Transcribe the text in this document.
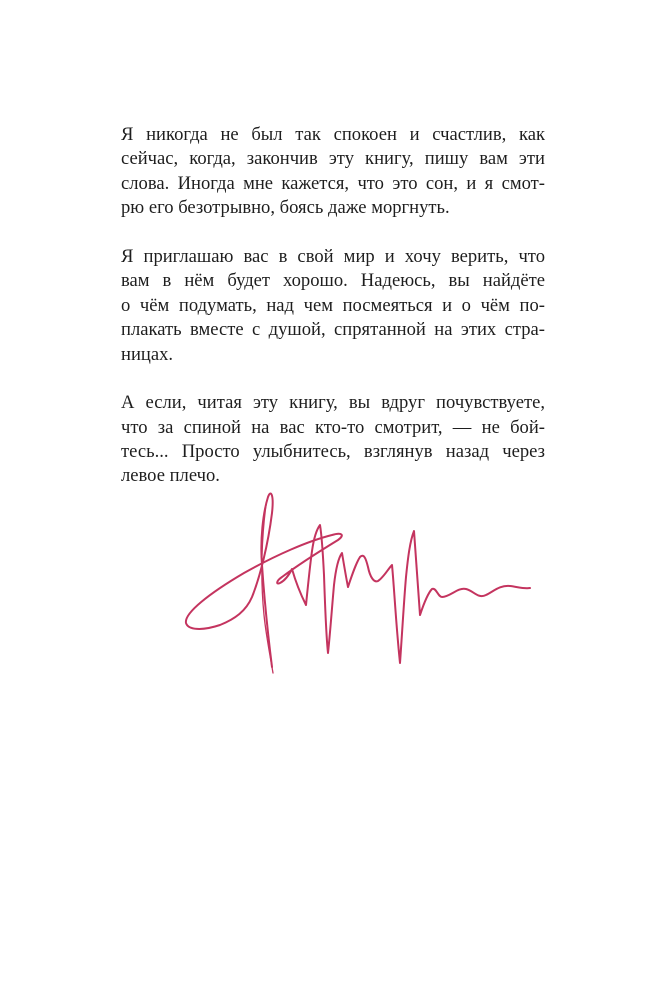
Я никогда не был так спокоен и счастлив, как
сейчас, когда, закончив эту книгу, пишу вам эти
слова. Иногда мне кажется, что это сон, и я смот-
рю его безотрывно, боясь даже моргнуть.

Я приглашаю вас в свой мир и хочу верить, что
вам в нём будет хорошо. Надеюсь, вы найдёте
о чём подумать, над чем посмеяться и о чём по-
плакать вместе с душой, спрятанной на этих стра-
ницах.

А если, читая эту книгу, вы вдруг почувствуете,
что за спиной на вас кто-то смотрит, — не бой-
тесь... Просто улыбнитесь, взглянув назад через
левое плечо.
